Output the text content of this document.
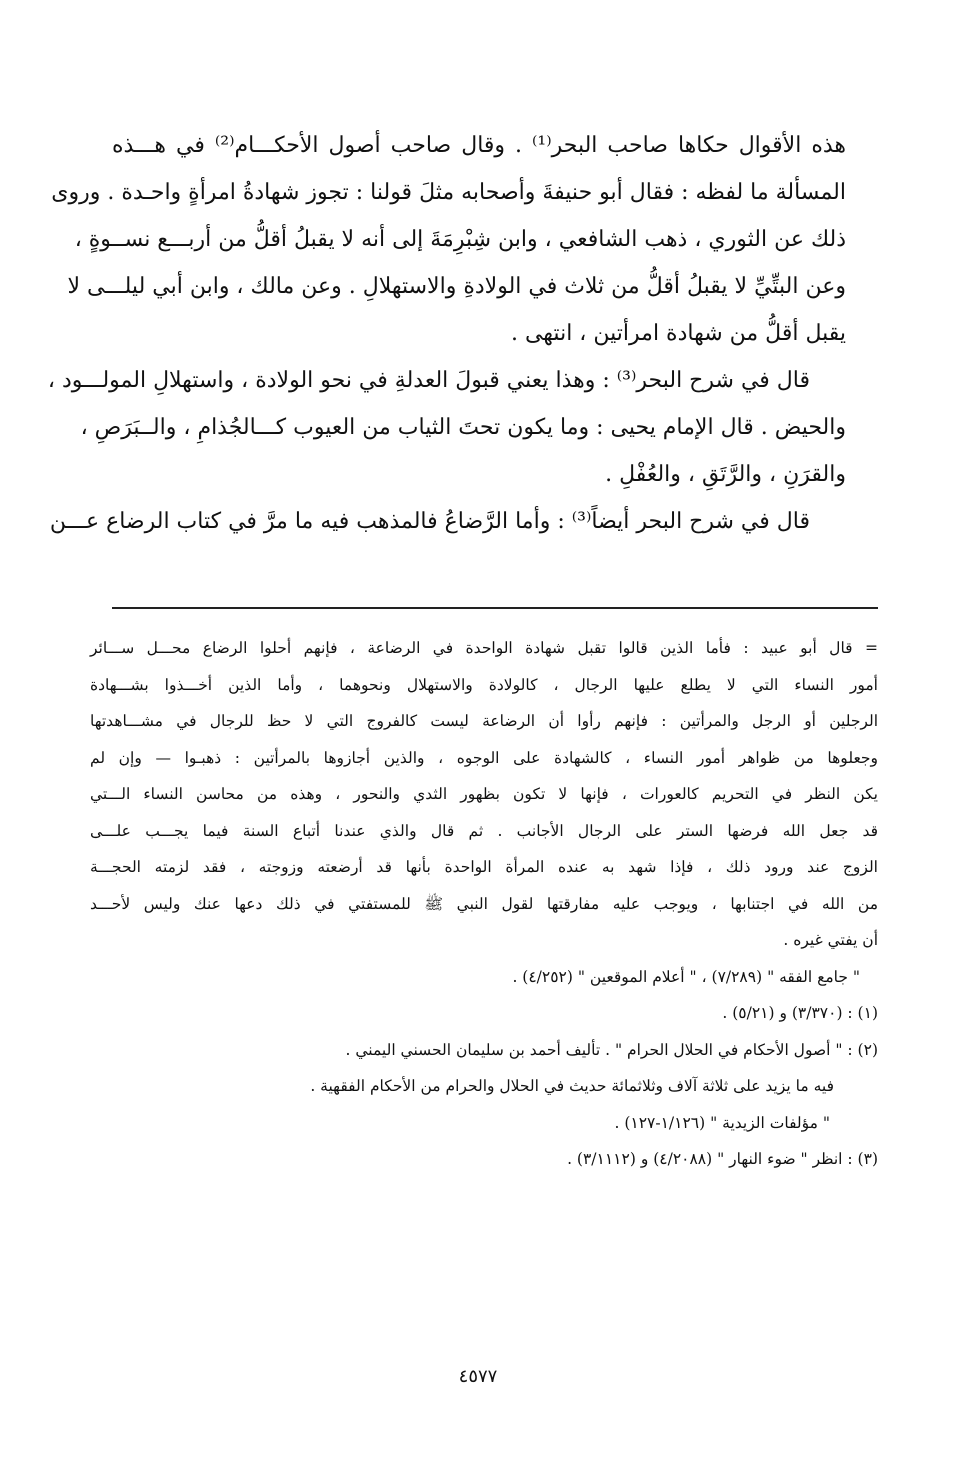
هذه الأقوال حكاها صاحب البحر⁽¹⁾ . وقال صاحب أصول الأحكـــام⁽²⁾ في هـــذه
المسألة ما لفظه : فقال أبو حنيفةَ وأصحابه مثلَ قولنا : تجوز شهادةُ امرأةٍ واحـدة . وروى
ذلك عن الثوري ، ذهب الشافعي ، وابن شِبْرِمَةَ إلى أنه لا يقبلُ أقلُّ من أربـــع نســوةٍ ،
وعن البتِّيِّ لا يقبلُ أقلُّ من ثلاث في الولادةِ والاستهلالِ . وعن مالك ، وابن أبي ليلـــى لا
يقبل أقلُّ من شهادة امرأتين ، انتهى .
قال في شرح البحر⁽³⁾ : وهذا يعني قبولَ العدلةِ في نحو الولادة ، واستهلالِ المولـــود ،
والحيض . قال الإمام يحيى : وما يكون تحتَ الثياب من العيوب كـــالجُذامِ ، والــبَرَصِ ،
والقرَنِ ، والرَّتَقِ ، والعُفْلِ .
قال في شرح البحر أيضاً⁽³⁾ : وأما الرَّضاعُ فالمذهب فيه ما مرَّ في كتاب الرضاع عـــن
= قال أبو عبيد : فأما الذين قالوا تقبل شهادة الواحدة في الرضاعة ، فإنهم أحلوا الرضاع محـــل ســـائر
أمور النساء التي لا يطلع عليها الرجال ، كالولادة والاستهلال ونحوهما ، وأما الذين أخـــذوا بشـــهادة
الرجلين أو الرجل والمرأتين : فإنهم رأوا أن الرضاعة ليست كالفروج التي لا حظ للرجال في مشـــاهدتها
وجعلوها من ظواهر أمور النساء ، كالشهادة على الوجوه ، والذين أجازوها بالمرأتين : ذهبـوا — وإن لم
يكن النظر في التحريم كالعورات ، فإنها لا تكون بظهور الثدي والنحور ، وهذه من محاسن النساء الـــتي
قد جعل الله فرضها الستر على الرجال الأجانب . ثم قال والذي عندنا أتباع السنة فيما يجـــب علـــى
الزوج عند ورود ذلك ، فإذا شهد به عنده المرأة الواحدة بأنها قد أرضعته وزوجته ، فقد لزمته الحجـــة
من الله في اجتنابها ، ويوجب عليه مفارقتها لقول النبي ﷺ للمستفتي في ذلك دعها عنك وليس لأحـــد
أن يفتي غيره .
" جامع الفقه " (٧/٢٨٩) ، " أعلام الموقعين " (٤/٢٥٢) .
(١) : (٣/٣٧٠) و (٥/٢١) .
(٢) : " أصول الأحكام في الحلال الحرام " . تأليف أحمد بن سليمان الحسني اليمني .
فيه ما يزيد على ثلاثة آلاف وثلاثمائة حديث في الحلال والحرام من الأحكام الفقهية .
" مؤلفات الزيدية " (١/١٢٦-١٢٧) .
(٣) : انظر " ضوء النهار " (٤/٢٠٨٨) و (٣/١١١٢) .
٤٥٧٧
